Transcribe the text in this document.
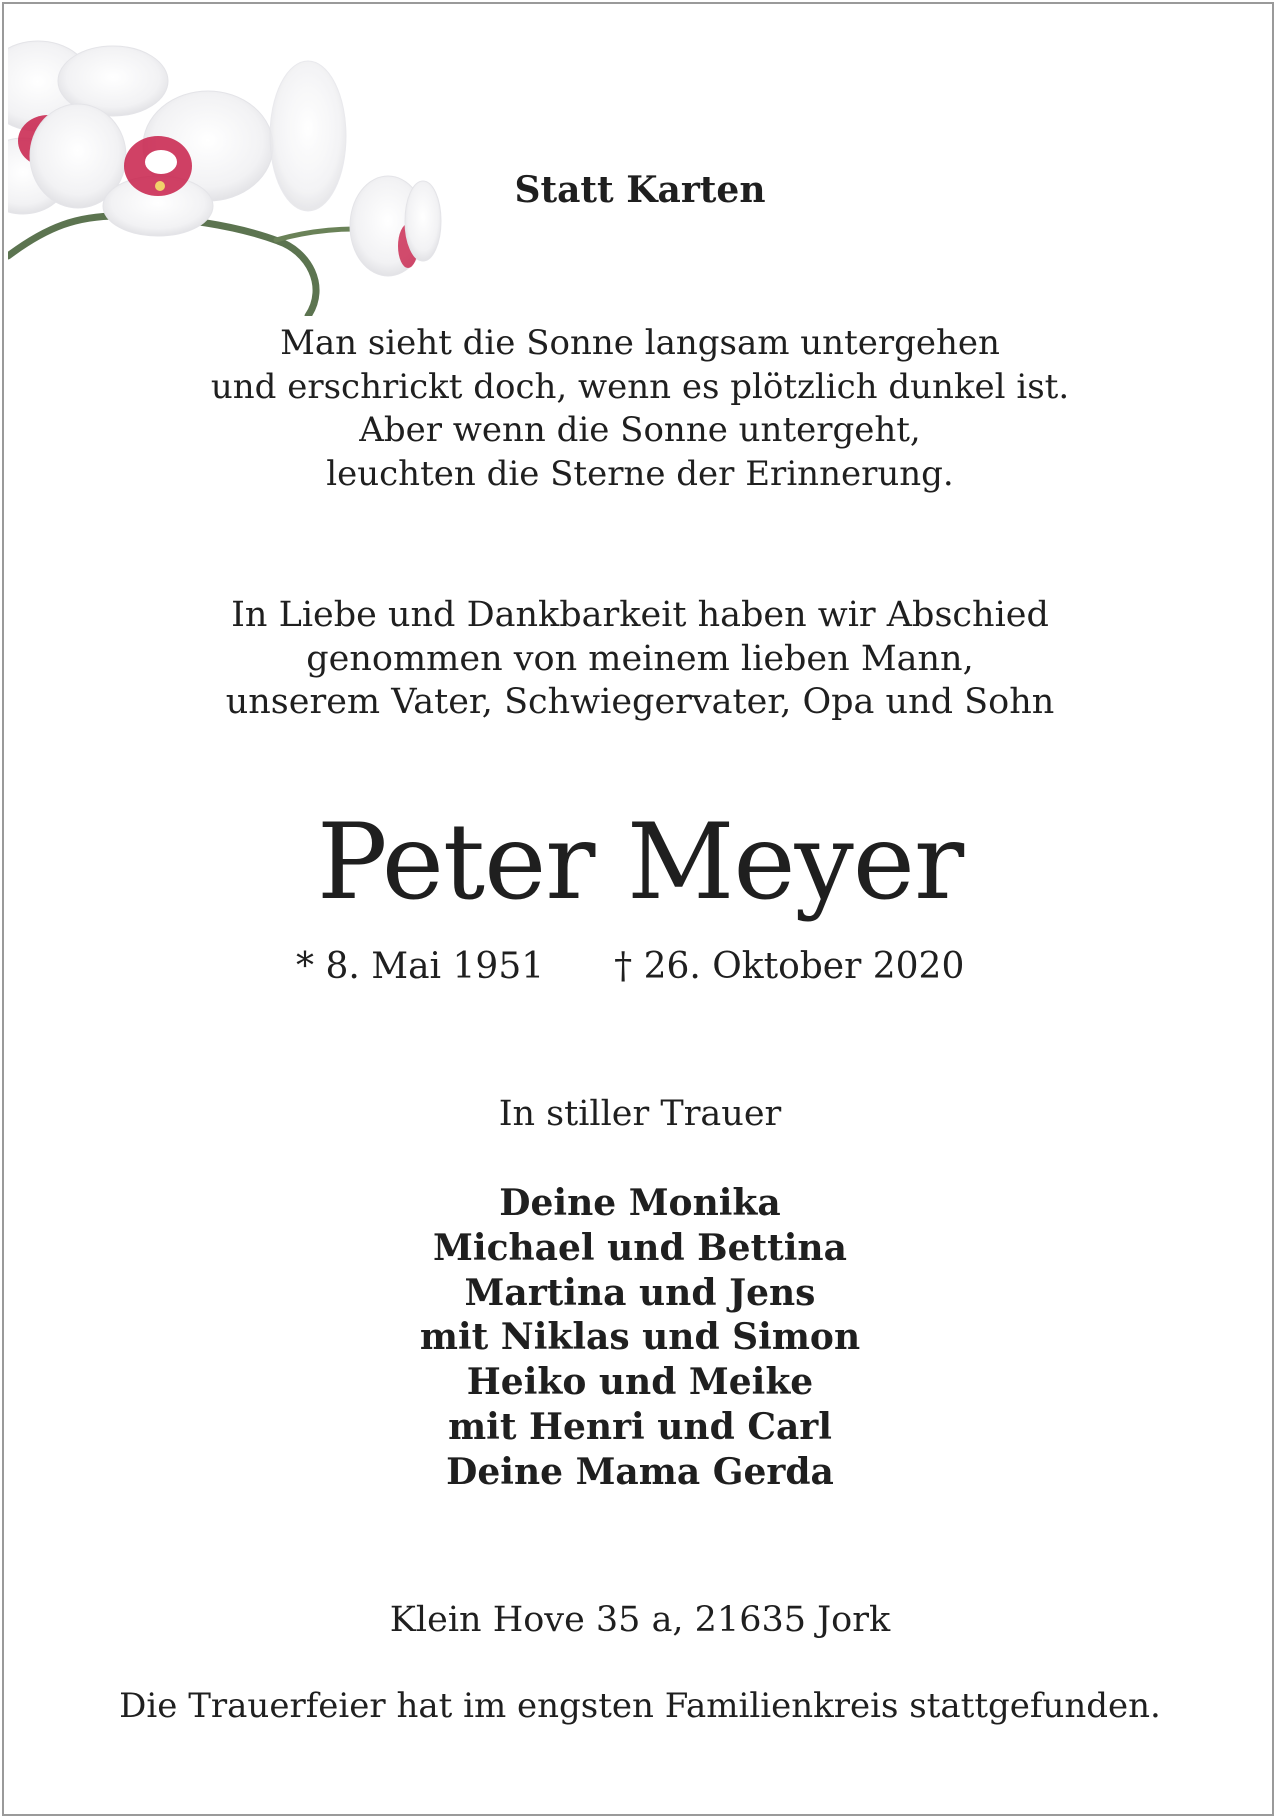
Statt Karten
Man sieht die Sonne langsam untergehen
und erschrickt doch, wenn es plötzlich dunkel ist.
Aber wenn die Sonne untergeht,
leuchten die Sterne der Erinnerung.
In Liebe und Dankbarkeit haben wir Abschied
genommen von meinem lieben Mann,
unserem Vater, Schwiegervater, Opa und Sohn
Peter Meyer
* 8. Mai 1951 † 26. Oktober 2020
In stiller Trauer
Deine Monika
Michael und Bettina
Martina und Jens
mit Niklas und Simon
Heiko und Meike
mit Henri und Carl
Deine Mama Gerda
Klein Hove 35 a, 21635 Jork
Die Trauerfeier hat im engsten Familienkreis stattgefunden.
